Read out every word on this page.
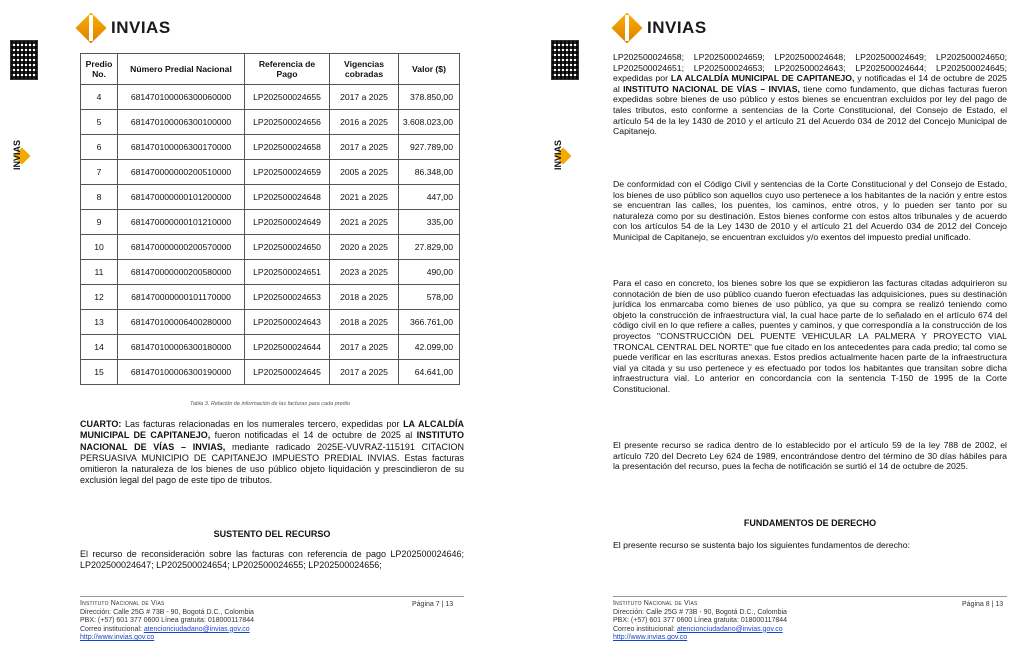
INVIAS
INVIAS
Predio No.	Número Predial Nacional	Referencia de Pago	Vigencias cobradas	Valor ($)
4	681470100006300060000	LP202500024655	2017 a 2025	378.850,00
5	681470100006300100000	LP202500024656	2016 a 2025	3.608.023,00
6	681470100006300170000	LP202500024658	2017 a 2025	927.789,00
7	681470000000200510000	LP202500024659	2005 a 2025	86.348,00
8	681470000000101200000	LP202500024648	2021 a 2025	447,00
9	681470000000101210000	LP202500024649	2021 a 2025	335,00
10	681470000000200570000	LP202500024650	2020 a 2025	27.829,00
11	681470000000200580000	LP202500024651	2023 a 2025	490,00
12	681470000000101170000	LP202500024653	2018 a 2025	578,00
13	681470100006400280000	LP202500024643	2018 a 2025	366.761,00
14	681470100006300180000	LP202500024644	2017 a 2025	42.099,00
15	681470100006300190000	LP202500024645	2017 a 2025	64.641,00
Tabla 3. Relación de información de las facturas para cada predio
CUARTO: Las facturas relacionadas en los numerales tercero, expedidas por LA ALCALDÍA MUNICIPAL DE CAPITANEJO, fueron notificadas el 14 de octubre de 2025 al INSTITUTO NACIONAL DE VÍAS – INVIAS, mediante radicado 2025E-VUVRAZ-115191 CITACION PERSUASIVA MUNICIPIO DE CAPITANEJO IMPUESTO PREDIAL INVIAS. Estas facturas omitieron la naturaleza de los bienes de uso público objeto liquidación y prescindieron de su exclusión legal del pago de este tipo de tributos.
SUSTENTO DEL RECURSO
El recurso de reconsideración sobre las facturas con referencia de pago LP202500024646; LP202500024647; LP202500024654; LP202500024655; LP202500024656;
Instituto Nacional de Vías
Dirección: Calle 25G # 73B - 90, Bogotá D.C., Colombia
PBX: (+57) 601 377 0600 Línea gratuita: 018000117844
Correo institucional: atencionciudadano@invias.gov.co
http://www.invias.gov.co
Página 7 | 13
INVIAS
INVIAS
LP202500024658; LP202500024659; LP202500024648; LP202500024649; LP202500024650; LP202500024651; LP202500024653; LP202500024643; LP202500024644; LP202500024645; expedidas por LA ALCALDÍA MUNICIPAL DE CAPITANEJO, y notificadas el 14 de octubre de 2025 al INSTITUTO NACIONAL DE VÍAS – INVIAS, tiene como fundamento, que dichas facturas fueron expedidas sobre bienes de uso público y estos bienes se encuentran excluidos por ley del pago de tales tributos, esto conforme a sentencias de la Corte Constitucional, del Consejo de Estado, el artículo 54 de la ley 1430 de 2010 y el artículo 21 del Acuerdo 034 de 2012 del Concejo Municipal de Capitanejo.
De conformidad con el Código Civil y sentencias de la Corte Constitucional y del Consejo de Estado, los bienes de uso público son aquellos cuyo uso pertenece a los habitantes de la nación y entre estos se encuentran las calles, los puentes, los caminos, entre otros, y lo pueden ser tanto por su naturaleza como por su destinación. Estos bienes conforme con estos altos tribunales y de acuerdo con los artículos 54 de la Ley 1430 de 2010 y el artículo 21 del Acuerdo 034 de 2012 del Concejo Municipal de Capitanejo, se encuentran excluidos y/o exentos del impuesto predial unificado.
Para el caso en concreto, los bienes sobre los que se expidieron las facturas citadas adquirieron su connotación de bien de uso público cuando fueron efectuadas las adquisiciones, pues su destinación jurídica los enmarcaba como bienes de uso público, ya que su compra se realizó teniendo como objeto la construcción de infraestructura vial, la cual hace parte de lo señalado en el artículo 674 del código civil en lo que refiere a calles, puentes y caminos, y que correspondía a la construcción de los proyectos "CONSTRUCCIÓN DEL PUENTE VEHICULAR LA PALMERA Y PROYECTO VIAL TRONCAL CENTRAL DEL NORTE" que fue citado en los antecedentes para cada predio; tal como se puede verificar en las escrituras anexas. Estos predios actualmente hacen parte de la infraestructura vial ya citada y su uso pertenece y es efectuado por todos los habitantes que transitan sobre dicha infraestructura vial. Lo anterior en concordancia con la sentencia T-150 de 1995 de la Corte Constitucional.
El presente recurso se radica dentro de lo establecido por el artículo 59 de la ley 788 de 2002, el artículo 720 del Decreto Ley 624 de 1989, encontrándose dentro del término de 30 días hábiles para la presentación del recurso, pues la fecha de notificación se surtió el 14 de octubre de 2025.
FUNDAMENTOS DE DERECHO
El presente recurso se sustenta bajo los siguientes fundamentos de derecho:
Instituto Nacional de Vías
Dirección: Calle 25G # 73B - 90, Bogotá D.C., Colombia
PBX: (+57) 601 377 0600 Línea gratuita: 018000117844
Correo institucional: atencionciudadano@invias.gov.co
http://www.invias.gov.co
Página 8 | 13
